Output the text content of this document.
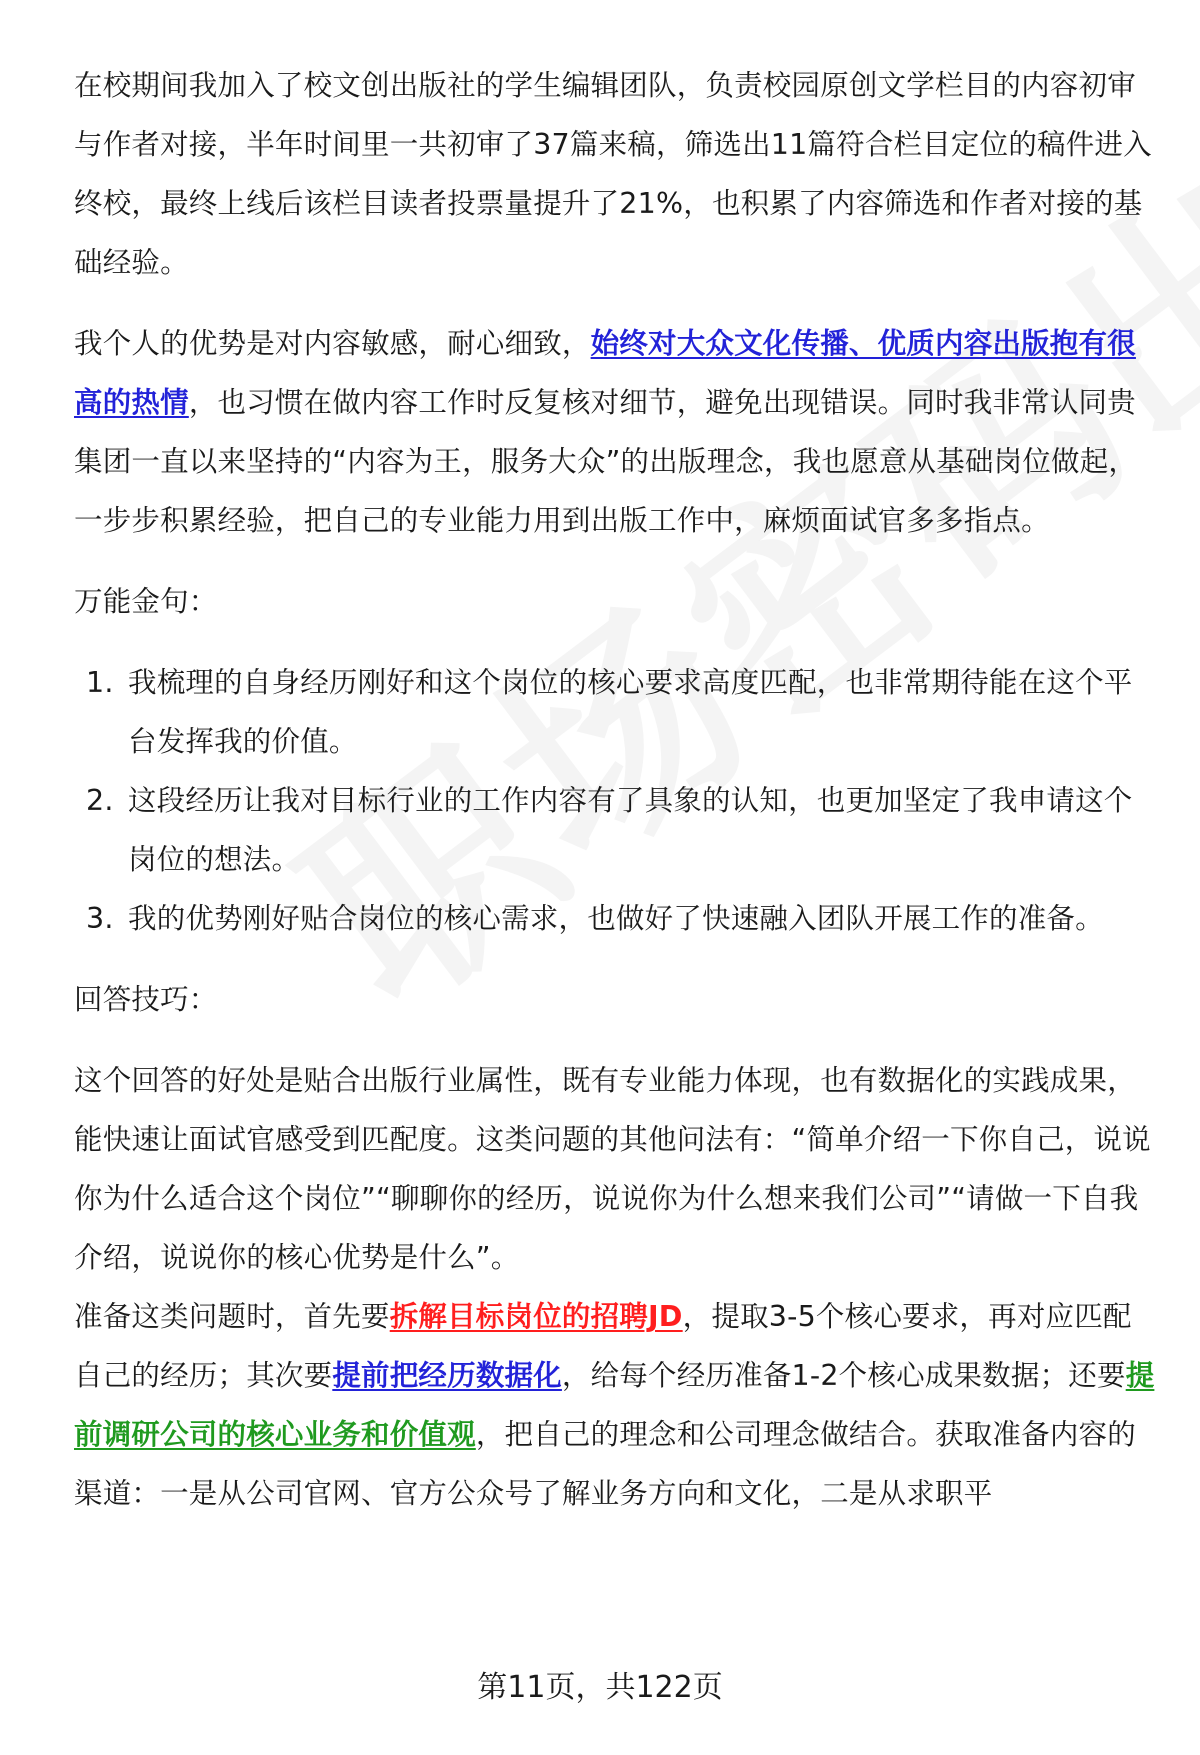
在校期间我加入了校文创出版社的学生编辑团队，负责校园原创文学栏目的内容初审与作者对接，半年时间里一共初审了37篇来稿，筛选出11篇符合栏目定位的稿件进入终校，最终上线后该栏目读者投票量提升了21%，也积累了内容筛选和作者对接的基础经验。

我个人的优势是对内容敏感，耐心细致，始终对大众文化传播、优质内容出版抱有很高的热情，也习惯在做内容工作时反复核对细节，避免出现错误。同时我非常认同贵集团一直以来坚持的“内容为王，服务大众”的出版理念，我也愿意从基础岗位做起，一步步积累经验，把自己的专业能力用到出版工作中，麻烦面试官多多指点。

万能金句：

1. 我梳理的自身经历刚好和这个岗位的核心要求高度匹配，也非常期待能在这个平台发挥我的价值。
2. 这段经历让我对目标行业的工作内容有了具象的认知，也更加坚定了我申请这个岗位的想法。
3. 我的优势刚好贴合岗位的核心需求，也做好了快速融入团队开展工作的准备。

回答技巧：

这个回答的好处是贴合出版行业属性，既有专业能力体现，也有数据化的实践成果，能快速让面试官感受到匹配度。这类问题的其他问法有：“简单介绍一下你自己，说说你为什么适合这个岗位”“聊聊你的经历，说说你为什么想来我们公司”“请做一下自我介绍，说说你的核心优势是什么”。

准备这类问题时，首先要拆解目标岗位的招聘JD，提取3-5个核心要求，再对应匹配自己的经历；其次要提前把经历数据化，给每个经历准备1-2个核心成果数据；还要提前调研公司的核心业务和价值观，把自己的理念和公司理念做结合。获取准备内容的渠道：一是从公司官网、官方公众号了解业务方向和文化，二是从求职平

第11页，共122页
